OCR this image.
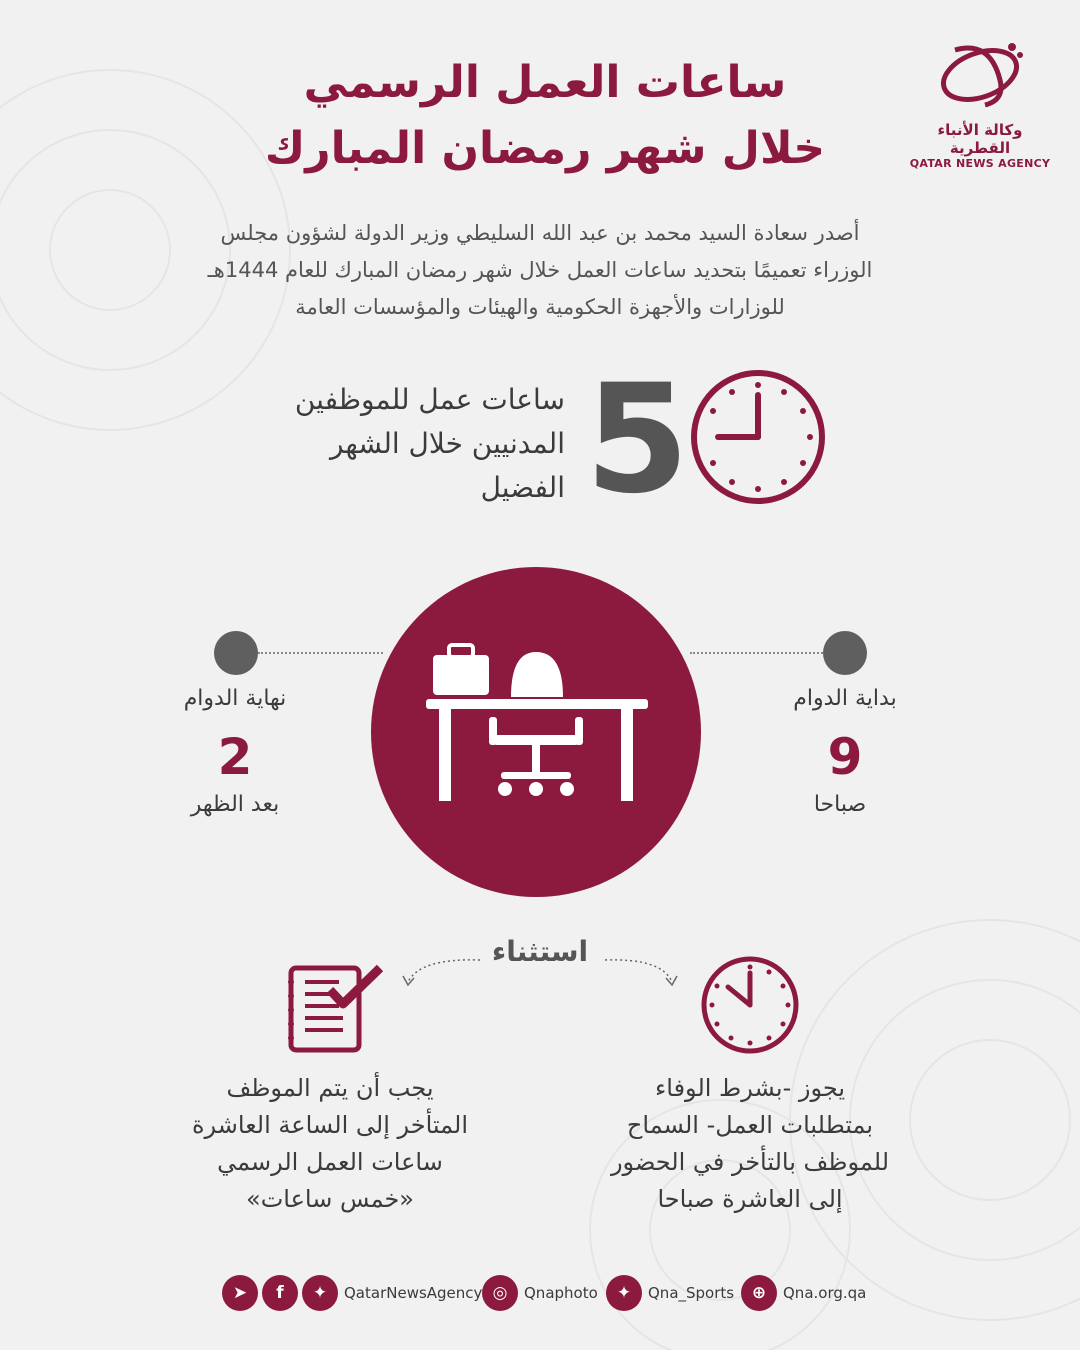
وكالة الأنباء القطرية
QATAR NEWS AGENCY
ساعات العمل الرسمي
خلال شهر رمضان المبارك
أصدر سعادة السيد محمد بن عبد الله السليطي وزير الدولة لشؤون مجلس
الوزراء تعميمًا بتحديد ساعات العمل خلال شهر رمضان المبارك للعام 1444هـ
للوزارات والأجهزة الحكومية والهيئات والمؤسسات العامة
5
ساعات عمل للموظفين
المدنيين خلال الشهر
الفضيل
بداية الدوام
9
صباحا
نهاية الدوام
2
بعد الظهر
استثناء
يجوز -بشرط الوفاء
بمتطلبات العمل- السماح
للموظف بالتأخر في الحضور
إلى العاشرة صباحا
يجب أن يتم الموظف
المتأخر إلى الساعة العاشرة
ساعات العمل الرسمي
«خمس ساعات»
➤	f	✦	QatarNewsAgency ◎	Qnaphoto	✦	Qna_Sports	⊕	Qna.org.qa
